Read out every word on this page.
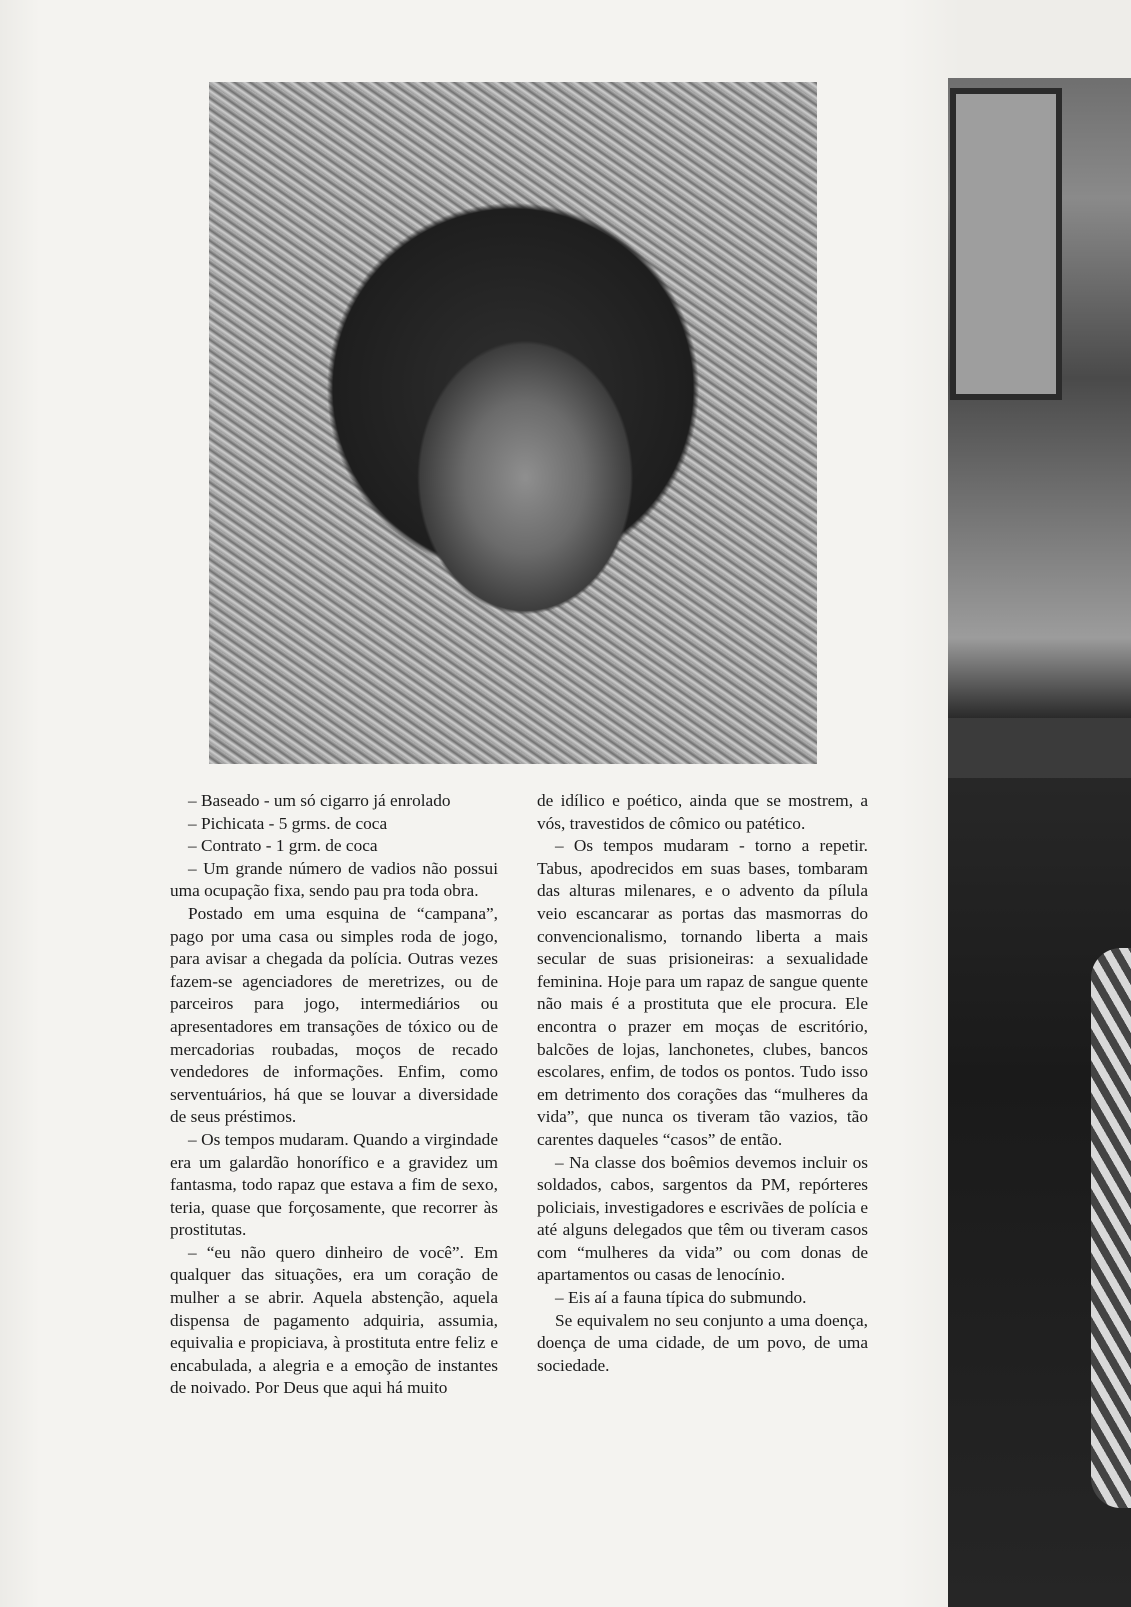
– Baseado - um só cigarro já enrolado

– Pichicata - 5 grms. de coca

– Contrato - 1 grm. de coca

– Um grande número de vadios não possui uma ocupação fixa, sendo pau pra toda obra.

Postado em uma esquina de “campana”, pago por uma casa ou simples roda de jogo, para avisar a chegada da polícia. Outras vezes fazem-se agenciadores de meretrizes, ou de parceiros para jogo, intermediários ou apresentadores em transações de tóxico ou de mercadorias roubadas, moços de recado vendedores de informações. Enfim, como serventuários, há que se louvar a diversidade de seus préstimos.

– Os tempos mudaram. Quando a virgindade era um galardão honorífico e a gravidez um fantasma, todo rapaz que estava a fim de sexo, teria, quase que forçosamente, que recorrer às prostitutas.

– “eu não quero dinheiro de você”. Em qualquer das situações, era um coração de mulher a se abrir. Aquela abstenção, aquela dispensa de pagamento adquiria, assumia, equivalia e propiciava, à prostituta entre feliz e encabulada, a alegria e a emoção de instantes de noivado. Por Deus que aqui há muito

de idílico e poético, ainda que se mostrem, a vós, travestidos de cômico ou patético.

– Os tempos mudaram - torno a repetir. Tabus, apodrecidos em suas bases, tombaram das alturas milenares, e o advento da pílula veio escancarar as portas das masmorras do convencionalismo, tornando liberta a mais secular de suas prisioneiras: a sexualidade feminina. Hoje para um rapaz de sangue quente não mais é a prostituta que ele procura. Ele encontra o prazer em moças de escritório, balcões de lojas, lanchonetes, clubes, bancos escolares, enfim, de todos os pontos. Tudo isso em detrimento dos corações das “mulheres da vida”, que nunca os tiveram tão vazios, tão carentes daqueles “casos” de então.

– Na classe dos boêmios devemos incluir os soldados, cabos, sargentos da PM, repórteres policiais, investigadores e escrivães de polícia e até alguns delegados que têm ou tiveram casos com “mulheres da vida” ou com donas de apartamentos ou casas de lenocínio.

– Eis aí a fauna típica do submundo.

Se equivalem no seu conjunto a uma doença, doença de uma cidade, de um povo, de uma sociedade.
